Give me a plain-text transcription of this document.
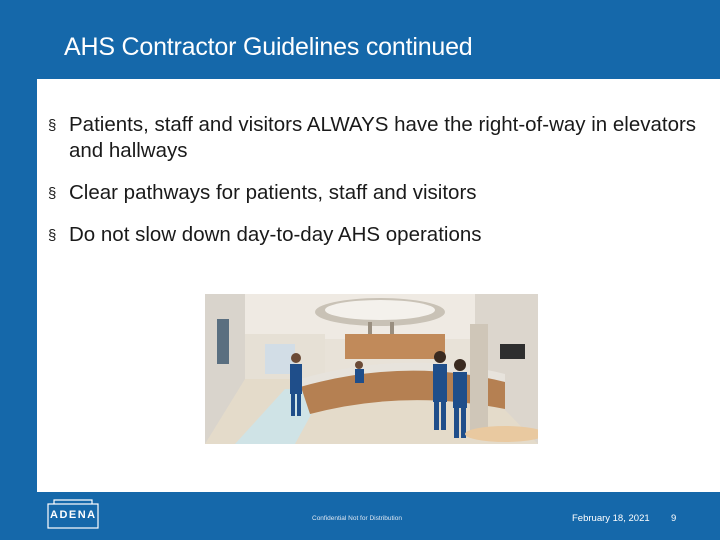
AHS Contractor Guidelines continued
§ Patients, staff and visitors ALWAYS have the right-of-way in elevators and hallways
§ Clear pathways for patients, staff and visitors
§ Do not slow down day-to-day AHS operations
ADENA	Confidential Not for Distribution	February 18, 2021 9
